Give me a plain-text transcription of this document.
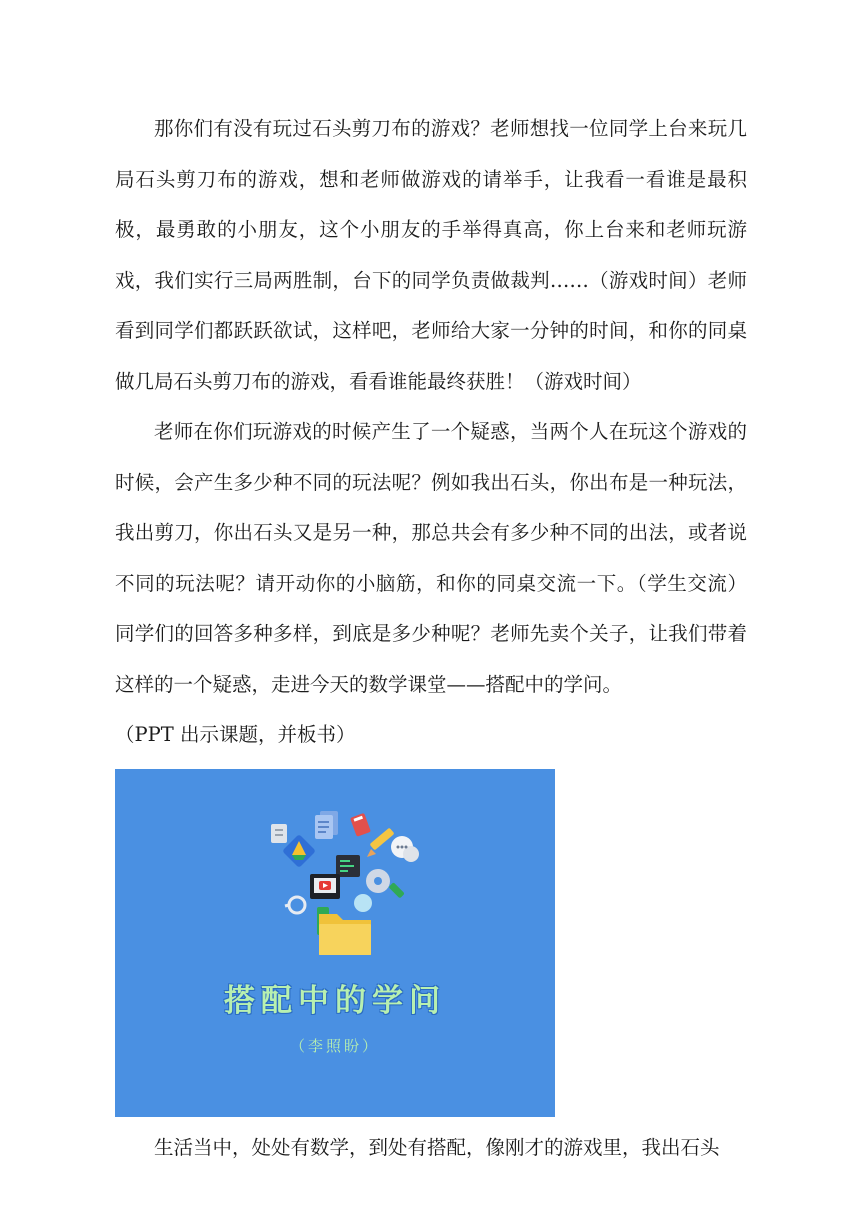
那你们有没有玩过石头剪刀布的游戏？老师想找一位同学上台来玩几局石头剪刀布的游戏，想和老师做游戏的请举手，让我看一看谁是最积极，最勇敢的小朋友，这个小朋友的手举得真高，你上台来和老师玩游戏，我们实行三局两胜制，台下的同学负责做裁判……（游戏时间）老师看到同学们都跃跃欲试，这样吧，老师给大家一分钟的时间，和你的同桌做几局石头剪刀布的游戏，看看谁能最终获胜！（游戏时间）

老师在你们玩游戏的时候产生了一个疑惑，当两个人在玩这个游戏的时候，会产生多少种不同的玩法呢？例如我出石头，你出布是一种玩法，我出剪刀，你出石头又是另一种，那总共会有多少种不同的出法，或者说不同的玩法呢？请开动你的小脑筋，和你的同桌交流一下。（学生交流）同学们的回答多种多样，到底是多少种呢？老师先卖个关子，让我们带着这样的一个疑惑，走进今天的数学课堂——搭配中的学问。

（PPT 出示课题，并板书）

搭配中的学问
（李照盼）

生活当中，处处有数学，到处有搭配，像刚才的游戏里，我出石头
